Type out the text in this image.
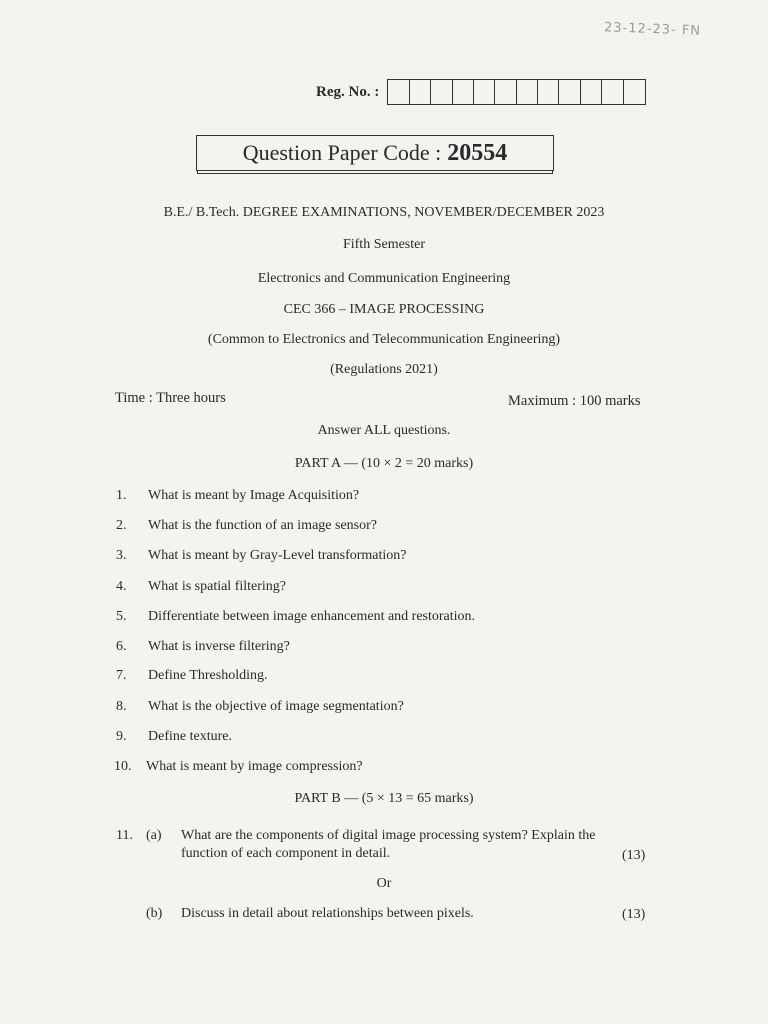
23-12-23- FN
Reg. No. :
Question Paper Code : 20554
B.E./ B.Tech. DEGREE EXAMINATIONS, NOVEMBER/DECEMBER 2023
Fifth Semester
Electronics and Communication Engineering
CEC 366 – IMAGE PROCESSING
(Common to Electronics and Telecommunication Engineering)
(Regulations 2021)
Time : Three hours	Maximum : 100 marks
Answer ALL questions.
PART A — (10 × 2 = 20 marks)
1. What is meant by Image Acquisition?
2. What is the function of an image sensor?
3. What is meant by Gray-Level transformation?
4. What is spatial filtering?
5. Differentiate between image enhancement and restoration.
6. What is inverse filtering?
7. Define Thresholding.
8. What is the objective of image segmentation?
9. Define texture.
10. What is meant by image compression?
PART B — (5 × 13 = 65 marks)
11. (a) What are the components of digital image processing system? Explain the
function of each component in detail.	(13)
Or
(b) Discuss in detail about relationships between pixels.	(13)
